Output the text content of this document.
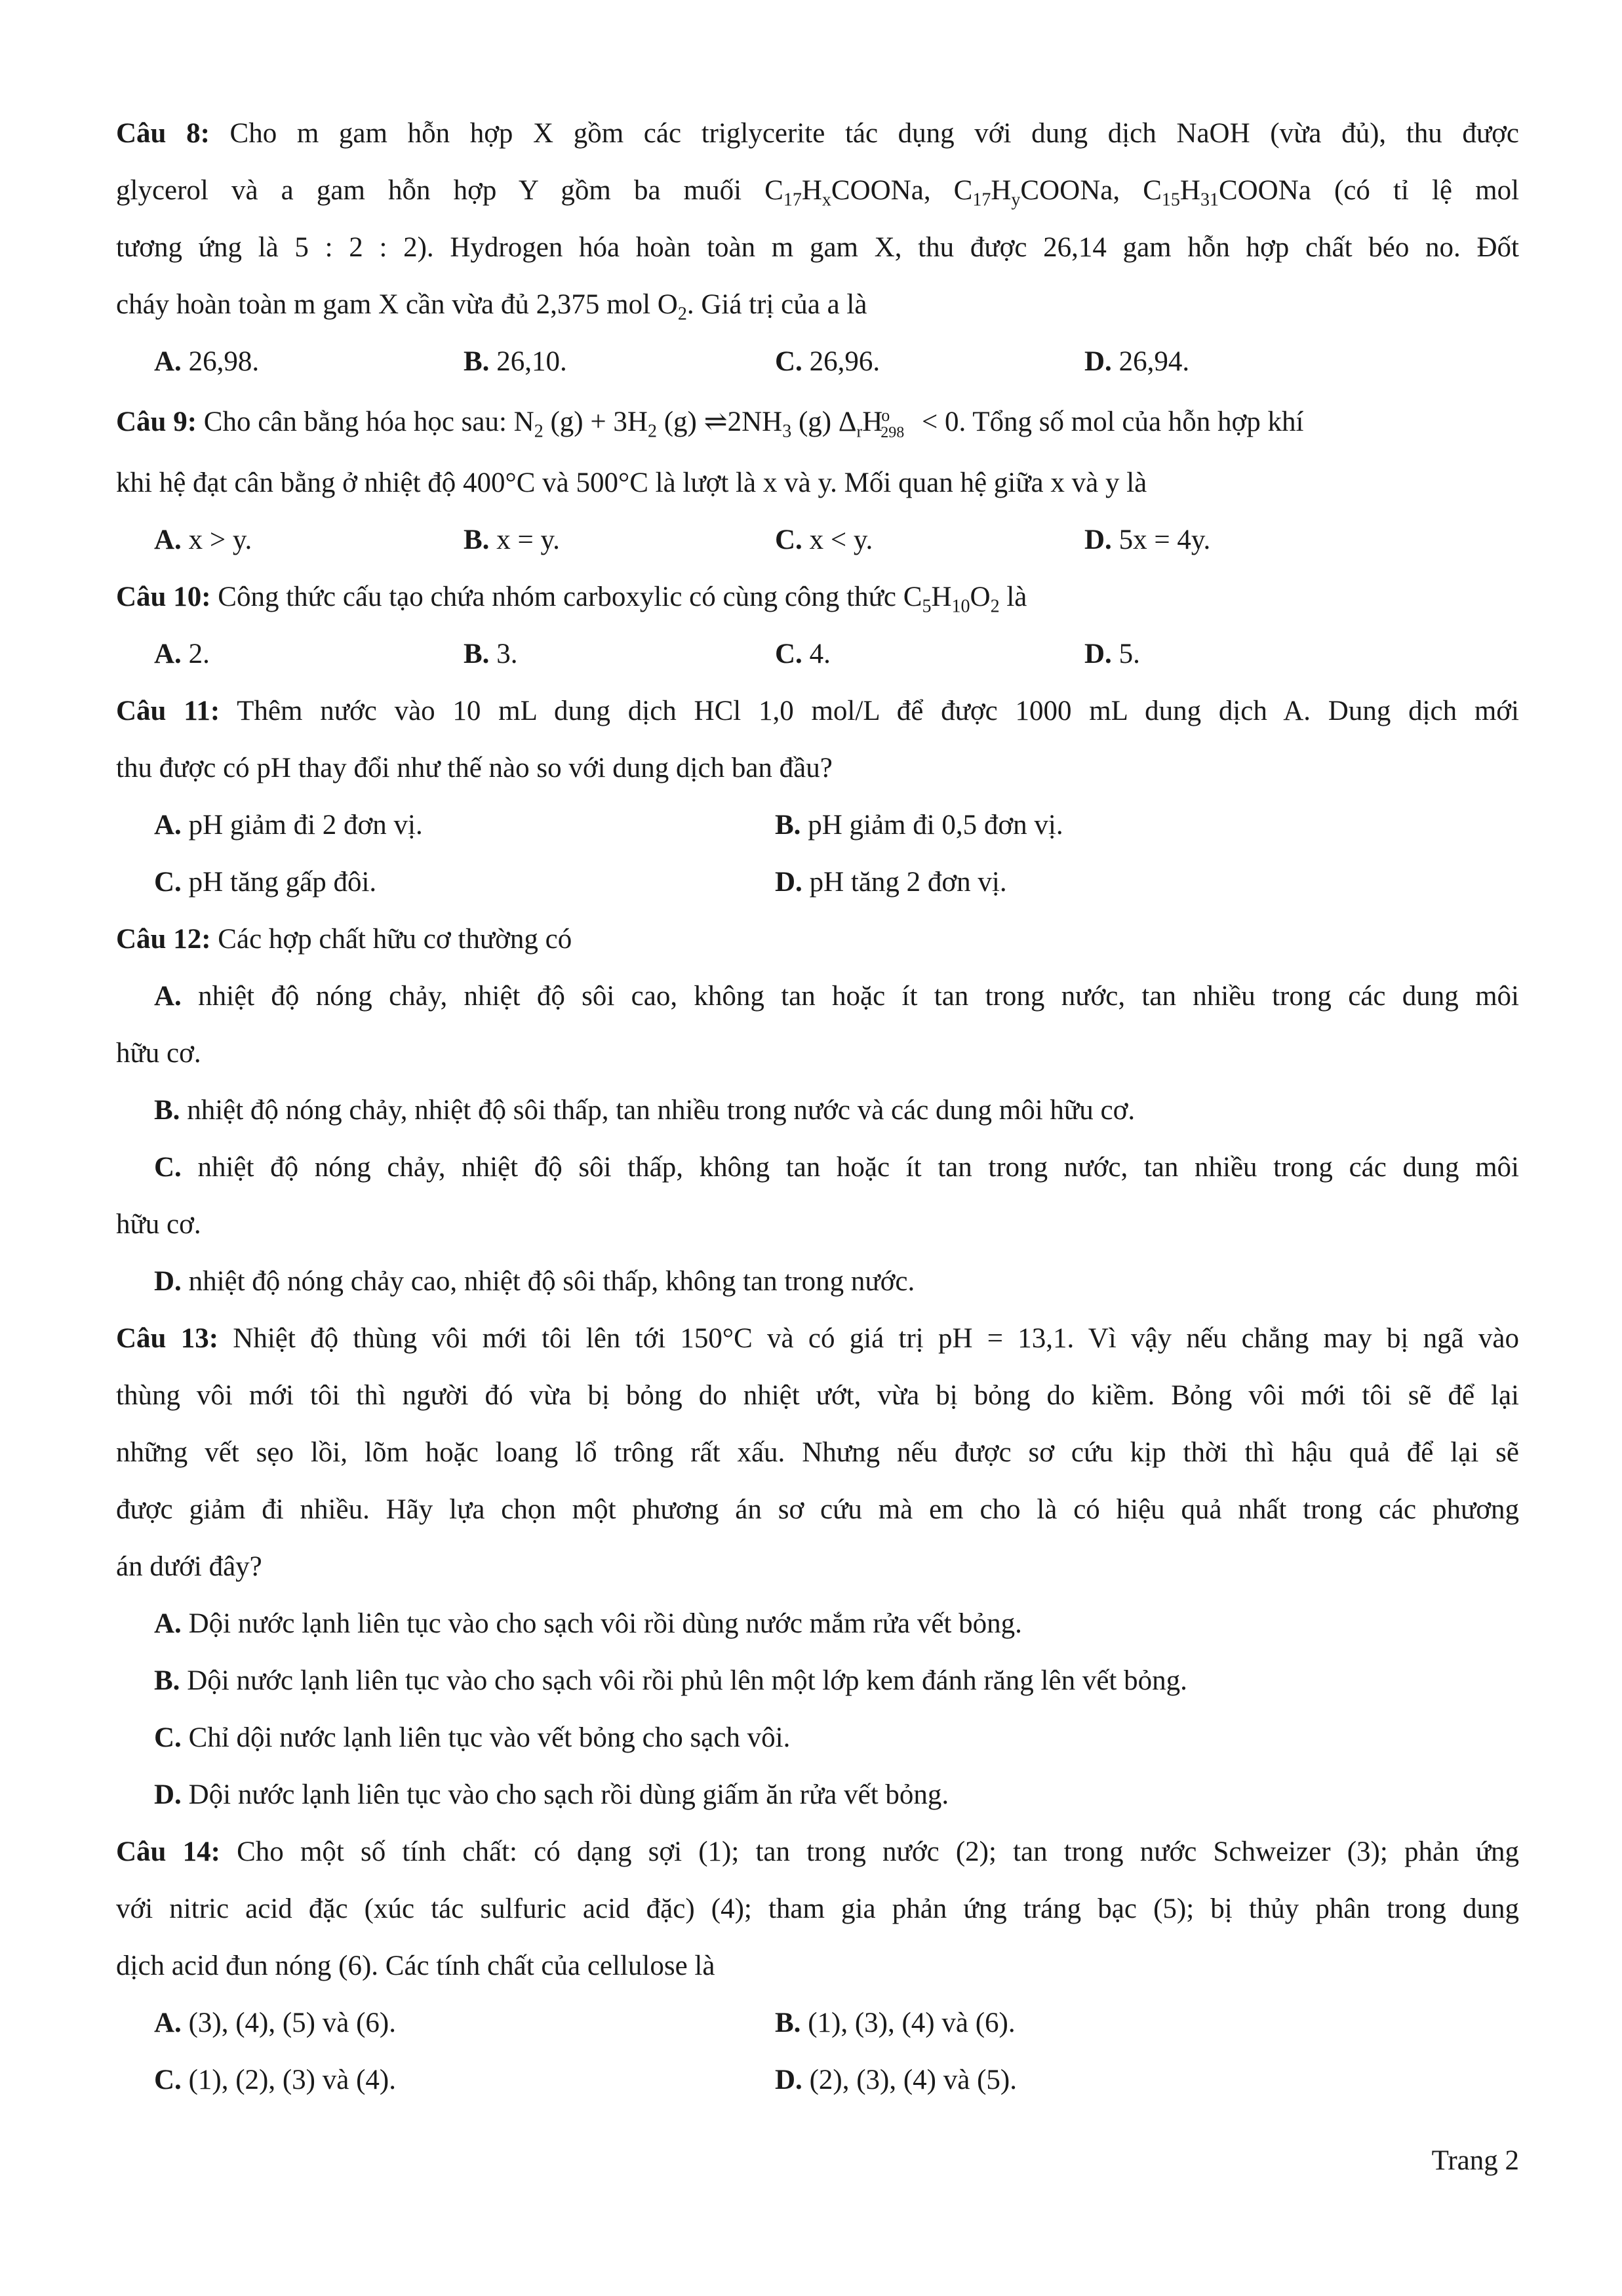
Câu 8: Cho m gam hỗn hợp X gồm các triglycerite tác dụng với dung dịch NaOH (vừa đủ), thu được
glycerol và a gam hỗn hợp Y gồm ba muối $C_{17}H_xCOONa$, $C_{17}H_yCOONa$, $C_{15}H_{31}COONa$ (có tỉ lệ mol
tương ứng là 5 : 2 : 2). Hydrogen hóa hoàn toàn m gam X, thu được 26,14 gam hỗn hợp chất béo no. Đốt
cháy hoàn toàn m gam X cần vừa đủ 2,375 mol $O_2$. Giá trị của a là
A. 26,98.	B. 26,10.	C. 26,96.	D. 26,94.
Câu 9: Cho cân bằng hóa học sau: $N_2$ $(g) + 3H_2$ (g) $\rightleftharpoons 2NH_3$ (g) $\Delta_rH^o_{298} < 0$. Tổng số mol của hỗn hợp khí
khi hệ đạt cân bằng ở nhiệt độ 400°C và 500°C là lượt là x và y. Mối quan hệ giữa x và y là
A. x > y.	B. x = y.	C. x < y.	D. 5x = 4y.
Câu 10: Công thức cấu tạo chứa nhóm carboxylic có cùng công thức $C_5H_{10}O_2$ là
A. 2.	B. 3.	C. 4.	D. 5.
Câu 11: Thêm nước vào 10 mL dung dịch HCl 1,0 mol/L để được 1000 mL dung dịch A. Dung dịch mới
thu được có pH thay đổi như thế nào so với dung dịch ban đầu?
A. pH giảm đi 2 đơn vị.	B. pH giảm đi 0,5 đơn vị.
C. pH tăng gấp đôi.	D. pH tăng 2 đơn vị.
Câu 12: Các hợp chất hữu cơ thường có
A. nhiệt độ nóng chảy, nhiệt độ sôi cao, không tan hoặc ít tan trong nước, tan nhiều trong các dung môi
hữu cơ.
B. nhiệt độ nóng chảy, nhiệt độ sôi thấp, tan nhiều trong nước và các dung môi hữu cơ.
C. nhiệt độ nóng chảy, nhiệt độ sôi thấp, không tan hoặc ít tan trong nước, tan nhiều trong các dung môi
hữu cơ.
D. nhiệt độ nóng chảy cao, nhiệt độ sôi thấp, không tan trong nước.
Câu 13: Nhiệt độ thùng vôi mới tôi lên tới 150°C và có giá trị pH = 13,1. Vì vậy nếu chẳng may bị ngã vào
thùng vôi mới tôi thì người đó vừa bị bỏng do nhiệt ướt, vừa bị bỏng do kiềm. Bỏng vôi mới tôi sẽ để lại
những vết sẹo lồi, lõm hoặc loang lổ trông rất xấu. Nhưng nếu được sơ cứu kịp thời thì hậu quả để lại sẽ
được giảm đi nhiều. Hãy lựa chọn một phương án sơ cứu mà em cho là có hiệu quả nhất trong các phương
án dưới đây?
A. Dội nước lạnh liên tục vào cho sạch vôi rồi dùng nước mắm rửa vết bỏng.
B. Dội nước lạnh liên tục vào cho sạch vôi rồi phủ lên một lớp kem đánh răng lên vết bỏng.
C. Chỉ dội nước lạnh liên tục vào vết bỏng cho sạch vôi.
D. Dội nước lạnh liên tục vào cho sạch rồi dùng giấm ăn rửa vết bỏng.
Câu 14: Cho một số tính chất: có dạng sợi (1); tan trong nước (2); tan trong nước Schweizer (3); phản ứng
với nitric acid đặc (xúc tác sulfuric acid đặc) (4); tham gia phản ứng tráng bạc (5); bị thủy phân trong dung
dịch acid đun nóng (6). Các tính chất của cellulose là
A. (3), (4), (5) và (6).	B. (1), (3), (4) và (6).
C. (1), (2), (3) và (4).	D. (2), (3), (4) và (5).
Trang 2
